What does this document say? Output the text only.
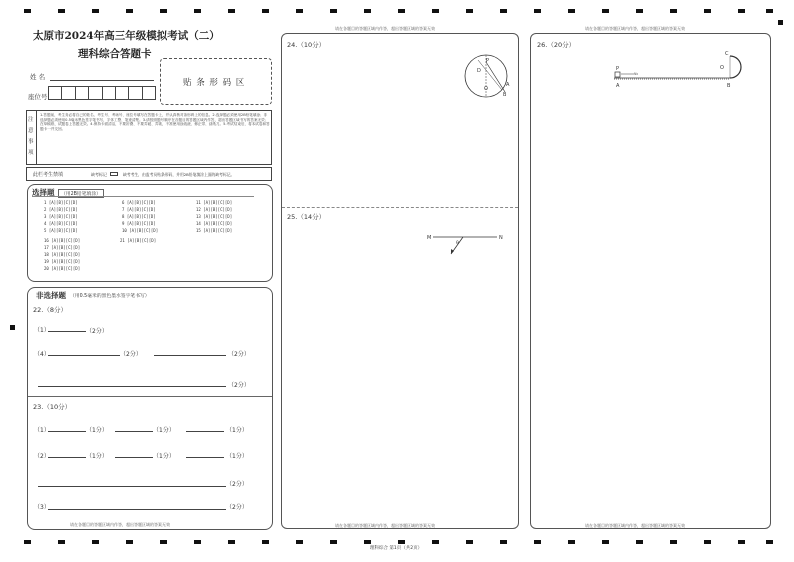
太原市2024年高三年级模拟考试（二）
理科综合答题卡
姓 名
座位号
贴 条 形 码 区
注意事项
1.答题前，考生务必将自己的姓名、考生号、考场号、座位号填写在答题卡上，并认真核对条形码上的信息。2.选择题必须使用2B铅笔填涂；非选择题必须使用0.5毫米黑色签字笔书写，字体工整、笔迹清楚。3.请按照题号顺序在各题目的答题区域内作答，超出答题区域书写的答案无效；在草稿纸、试题卷上答题无效。4.保持卡面清洁，不要折叠、不要弄破、弄皱，不准使用涂改液、修正带、刮纸刀。5.考试结束后，将本试卷和答题卡一并交回。
此栏考生禁填	缺考标记	缺考考生，由监考员贴条形码，并用2B铅笔填涂上面的缺考标记。
选择题	（用2B铅笔填涂）
1 [A][B][C][D]
2 [A][B][C][D]
3 [A][B][C][D]
4 [A][B][C][D]
5 [A][B][C][D]
6 [A][B][C][D]
7 [A][B][C][D]
8 [A][B][C][D]
9 [A][B][C][D]
10 [A][B][C][D]
11 [A][B][C][D]
12 [A][B][C][D]
13 [A][B][C][D]
14 [A][B][C][D]
15 [A][B][C][D]
16 [A][B][C][D]
17 [A][B][C][D]
18 [A][B][C][D]
19 [A][B][C][D]
20 [A][B][C][D]
21 [A][B][C][D]
非选择题 （用0.5毫米的黑色墨水签字笔书写）
22.（8分）
（1）	（2分）
（4）	（2分）	（2分）
（2分）
23.（10分）
（1）	（1分）	（1分）	（1分）
（2）	（1分）	（1分）	（1分）
（2分）
（3）	（2分）
请在各题目的答题区域内作答，超出答题区域的答案无效
请在各题目的答题区域内作答，超出答题区域的答案无效
24.（10分）
P
D
O
A
B
25.（14分）
M	N
θ
请在各题目的答题区域内作答，超出答题区域的答案无效
请在各题目的答题区域内作答，超出答题区域的答案无效
26.（20分）
C
O
P
A	B
v₀
请在各题目的答题区域内作答，超出答题区域的答案无效
理科综合 第1页（共2页）
